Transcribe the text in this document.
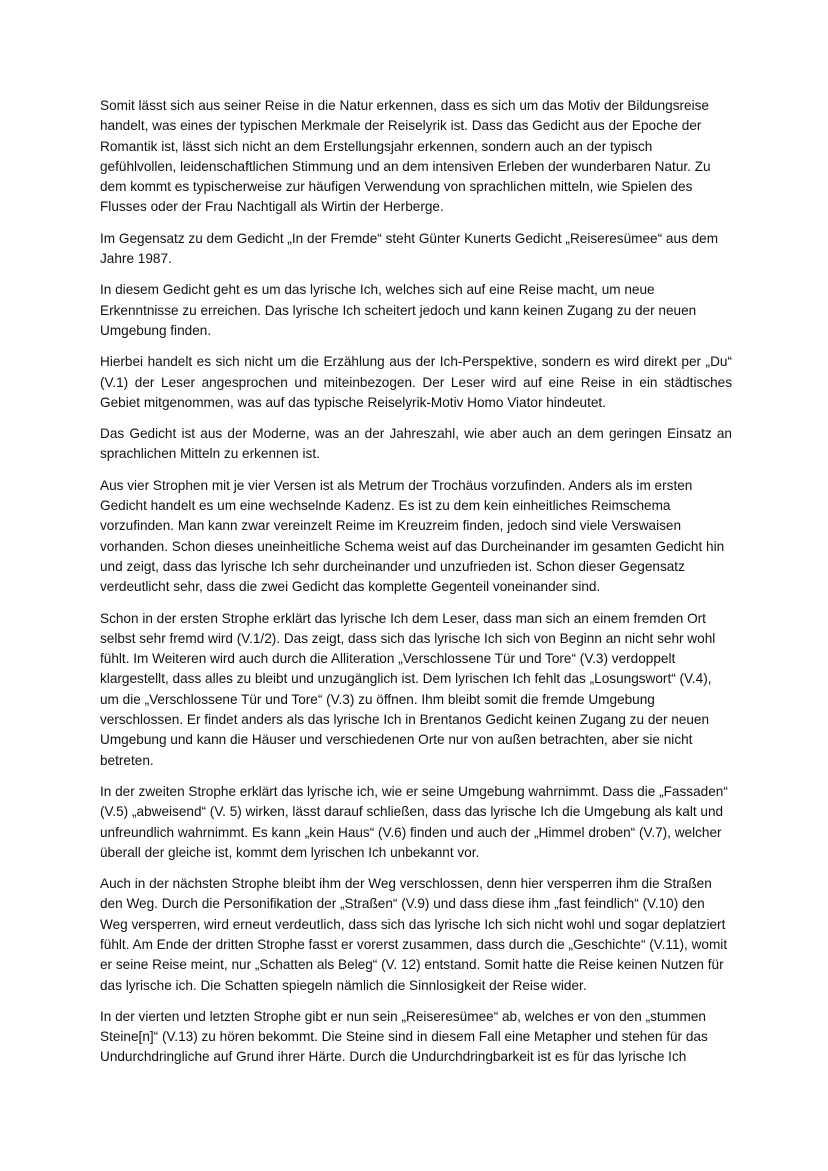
Somit lässt sich aus seiner Reise in die Natur erkennen, dass es sich um das Motiv der Bildungsreise handelt, was eines der typischen Merkmale der Reiselyrik ist. Dass das Gedicht aus der Epoche der Romantik ist, lässt sich nicht an dem Erstellungsjahr erkennen, sondern auch an der typisch gefühlvollen, leidenschaftlichen Stimmung und an dem intensiven Erleben der wunderbaren Natur. Zu dem kommt es typischerweise zur häufigen Verwendung von sprachlichen mitteln, wie Spielen des Flusses oder der Frau Nachtigall als Wirtin der Herberge.

Im Gegensatz zu dem Gedicht „In der Fremde“ steht Günter Kunerts Gedicht „Reiseresümee“ aus dem Jahre 1987.

In diesem Gedicht geht es um das lyrische Ich, welches sich auf eine Reise macht, um neue Erkenntnisse zu erreichen. Das lyrische Ich scheitert jedoch und kann keinen Zugang zu der neuen Umgebung finden.

Hierbei handelt es sich nicht um die Erzählung aus der Ich-Perspektive, sondern es wird direkt per „Du“ (V.1) der Leser angesprochen und miteinbezogen. Der Leser wird auf eine Reise in ein städtisches Gebiet mitgenommen, was auf das typische Reiselyrik-Motiv Homo Viator hindeutet.

Das Gedicht ist aus der Moderne, was an der Jahreszahl, wie aber auch an dem geringen Einsatz an sprachlichen Mitteln zu erkennen ist.

Aus vier Strophen mit je vier Versen ist als Metrum der Trochäus vorzufinden. Anders als im ersten Gedicht handelt es um eine wechselnde Kadenz. Es ist zu dem kein einheitliches Reimschema vorzufinden. Man kann zwar vereinzelt Reime im Kreuzreim finden, jedoch sind viele Verswaisen vorhanden. Schon dieses uneinheitliche Schema weist auf das Durcheinander im gesamten Gedicht hin und zeigt, dass das lyrische Ich sehr durcheinander und unzufrieden ist. Schon dieser Gegensatz verdeutlicht sehr, dass die zwei Gedicht das komplette Gegenteil voneinander sind.

Schon in der ersten Strophe erklärt das lyrische Ich dem Leser, dass man sich an einem fremden Ort selbst sehr fremd wird (V.1/2). Das zeigt, dass sich das lyrische Ich sich von Beginn an nicht sehr wohl fühlt. Im Weiteren wird auch durch die Alliteration „Verschlossene Tür und Tore“ (V.3) verdoppelt klargestellt, dass alles zu bleibt und unzugänglich ist. Dem lyrischen Ich fehlt das „Losungswort“ (V.4), um die „Verschlossene Tür und Tore“ (V.3) zu öffnen. Ihm bleibt somit die fremde Umgebung verschlossen. Er findet anders als das lyrische Ich in Brentanos Gedicht keinen Zugang zu der neuen Umgebung und kann die Häuser und verschiedenen Orte nur von außen betrachten, aber sie nicht betreten.

In der zweiten Strophe erklärt das lyrische ich, wie er seine Umgebung wahrnimmt. Dass die „Fassaden“ (V.5) „abweisend“ (V. 5) wirken, lässt darauf schließen, dass das lyrische Ich die Umgebung als kalt und unfreundlich wahrnimmt. Es kann „kein Haus“ (V.6) finden und auch der „Himmel droben“ (V.7), welcher überall der gleiche ist, kommt dem lyrischen Ich unbekannt vor.

Auch in der nächsten Strophe bleibt ihm der Weg verschlossen, denn hier versperren ihm die Straßen den Weg. Durch die Personifikation der „Straßen“ (V.9) und dass diese ihm „fast feindlich“ (V.10) den Weg versperren, wird erneut verdeutlich, dass sich das lyrische Ich sich nicht wohl und sogar deplatziert fühlt. Am Ende der dritten Strophe fasst er vorerst zusammen, dass durch die „Geschichte“ (V.11), womit er seine Reise meint, nur „Schatten als Beleg“ (V. 12) entstand. Somit hatte die Reise keinen Nutzen für das lyrische ich. Die Schatten spiegeln nämlich die Sinnlosigkeit der Reise wider.

In der vierten und letzten Strophe gibt er nun sein „Reiseresümee“ ab, welches er von den „stummen Steine[n]“ (V.13) zu hören bekommt. Die Steine sind in diesem Fall eine Metapher und stehen für das Undurchdringliche auf Grund ihrer Härte. Durch die Undurchdringbarkeit ist es für das lyrische Ich
